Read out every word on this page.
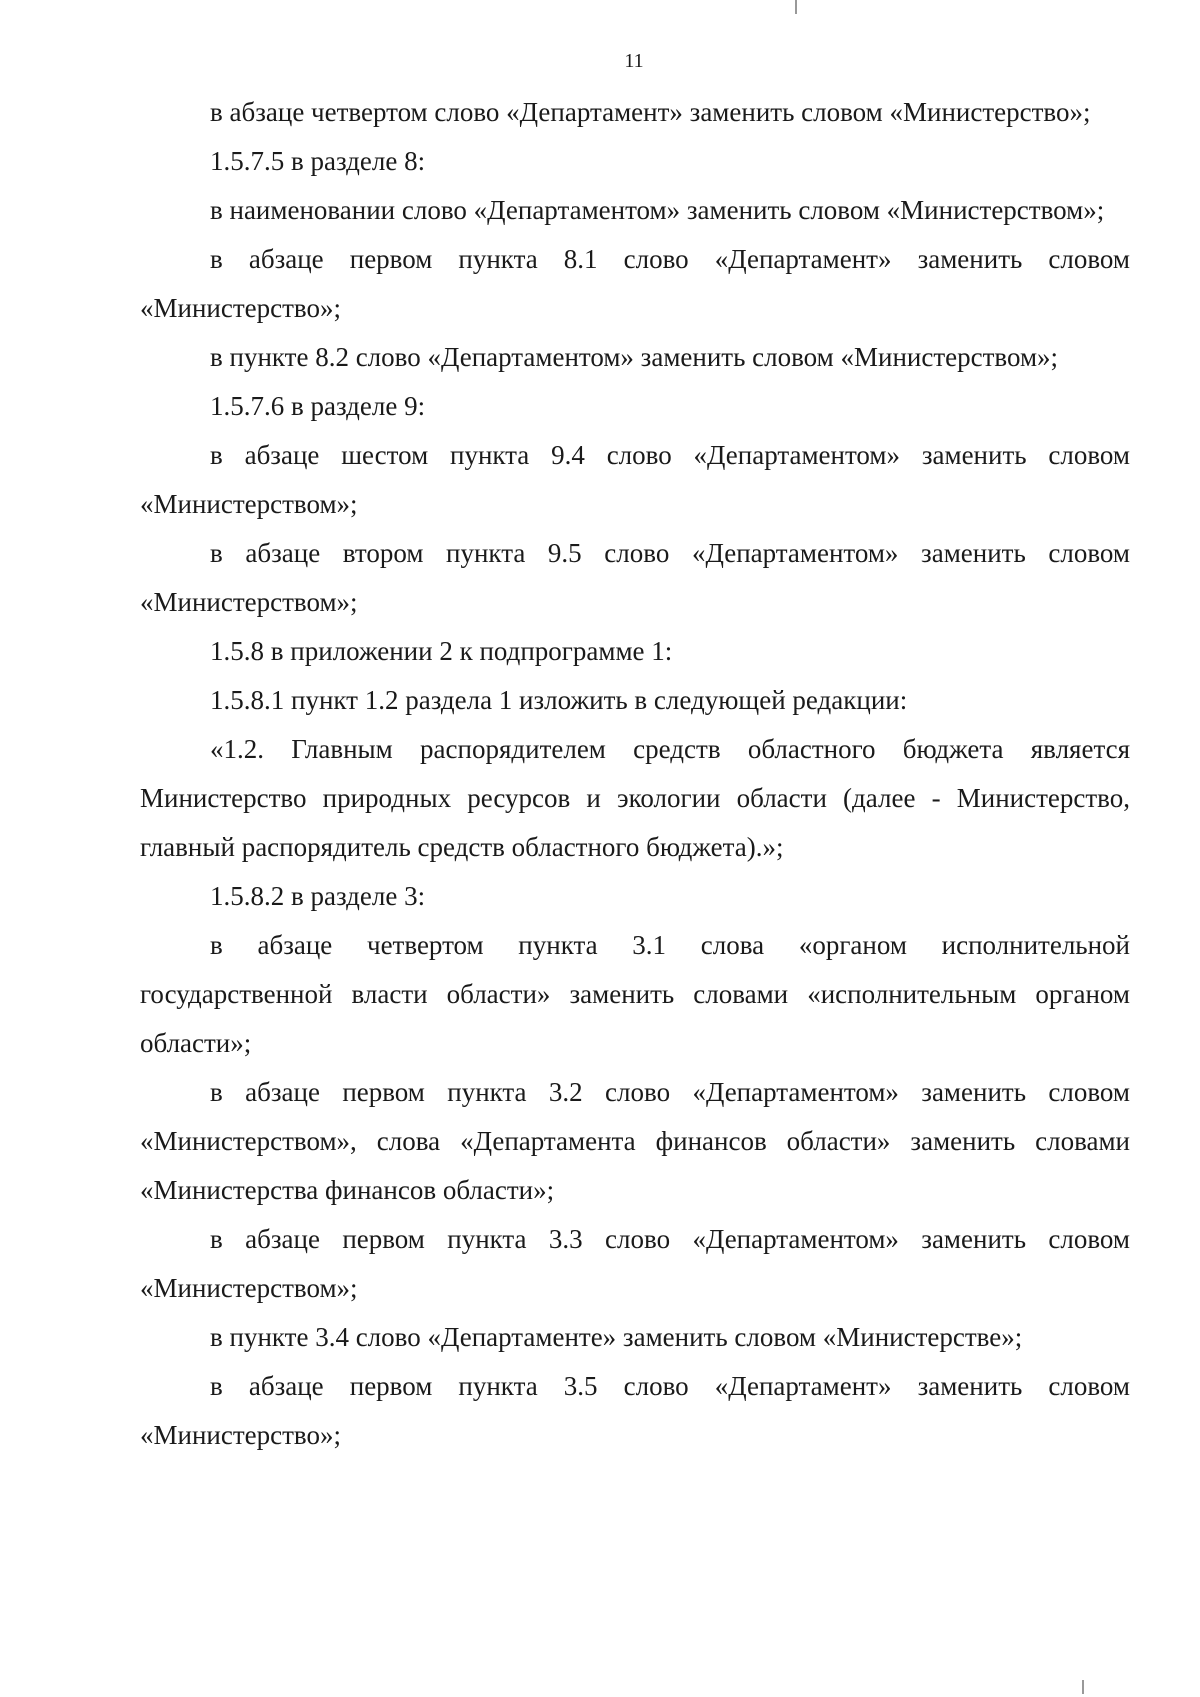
11

в абзаце четвертом слово «Департамент» заменить словом «Министерство»;

1.5.7.5 в разделе 8:

в наименовании слово «Департаментом» заменить словом «Министерством»;

в абзаце первом пункта 8.1 слово «Департамент» заменить словом «Министерство»;

в пункте 8.2 слово «Департаментом» заменить словом «Министерством»;

1.5.7.6 в разделе 9:

в абзаце шестом пункта 9.4 слово «Департаментом» заменить словом «Министерством»;

в абзаце втором пункта 9.5 слово «Департаментом» заменить словом «Министерством»;

1.5.8 в приложении 2 к подпрограмме 1:

1.5.8.1 пункт 1.2 раздела 1 изложить в следующей редакции:

«1.2. Главным распорядителем средств областного бюджета является Министерство природных ресурсов и экологии области (далее - Министерство, главный распорядитель средств областного бюджета).»;

1.5.8.2 в разделе 3:

в абзаце четвертом пункта 3.1 слова «органом исполнительной государственной власти области» заменить словами «исполнительным органом области»;

в абзаце первом пункта 3.2 слово «Департаментом» заменить словом «Министерством», слова «Департамента финансов области» заменить словами «Министерства финансов области»;

в абзаце первом пункта 3.3 слово «Департаментом» заменить словом «Министерством»;

в пункте 3.4 слово «Департаменте» заменить словом «Министерстве»;

в абзаце первом пункта 3.5 слово «Департамент» заменить словом «Министерство»;
